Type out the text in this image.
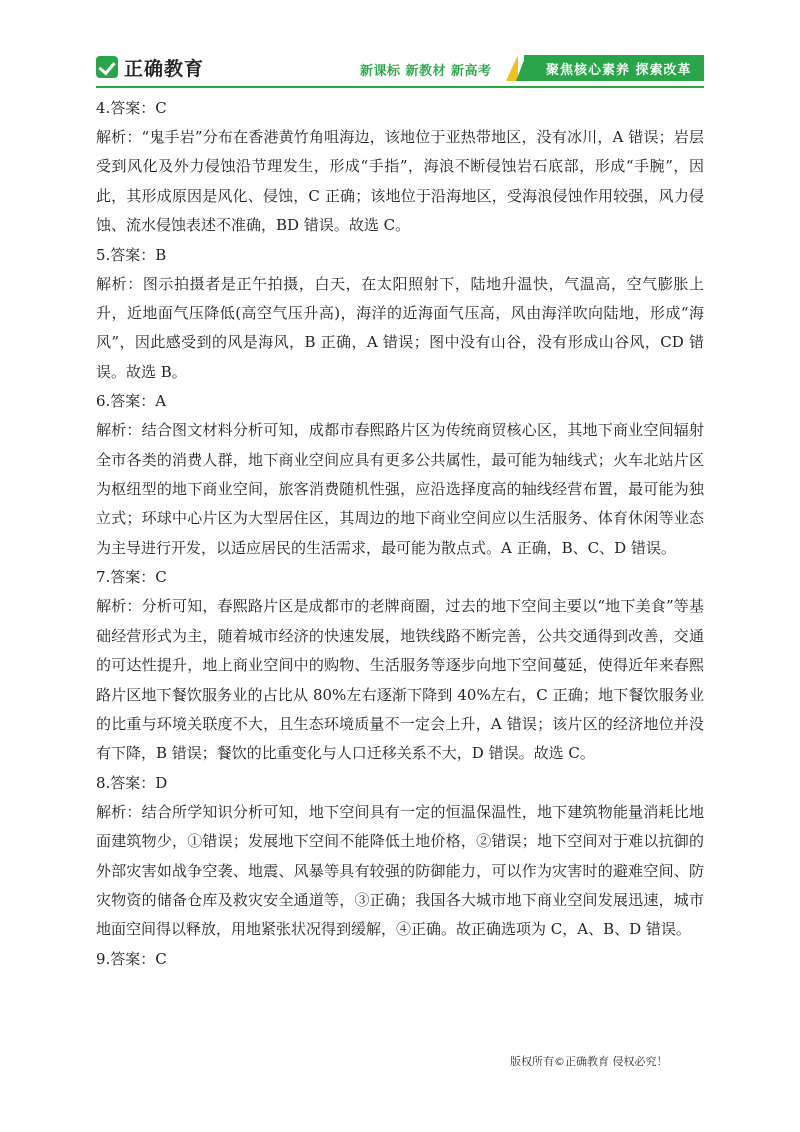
正确教育	新课标 新教材 新高考	聚焦核心素养 探索改革

4.答案：C

解析：“鬼手岩”分布在香港黄竹角咀海边，该地位于亚热带地区，没有冰川，A 错误；岩层受到风化及外力侵蚀沿节理发生，形成“手指”，海浪不断侵蚀岩石底部，形成“手腕”，因此，其形成原因是风化、侵蚀，C 正确；该地位于沿海地区，受海浪侵蚀作用较强，风力侵蚀、流水侵蚀表述不准确，BD 错误。故选 C。

5.答案：B

解析：图示拍摄者是正午拍摄，白天，在太阳照射下，陆地升温快，气温高，空气膨胀上升，近地面气压降低(高空气压升高)，海洋的近海面气压高，风由海洋吹向陆地，形成“海风”，因此感受到的风是海风，B 正确，A 错误；图中没有山谷，没有形成山谷风，CD 错误。故选 B。

6.答案：A

解析：结合图文材料分析可知，成都市春熙路片区为传统商贸核心区，其地下商业空间辐射全市各类的消费人群，地下商业空间应具有更多公共属性，最可能为轴线式；火车北站片区为枢纽型的地下商业空间，旅客消费随机性强，应沿选择度高的轴线经营布置，最可能为独立式；环球中心片区为大型居住区，其周边的地下商业空间应以生活服务、体育休闲等业态为主导进行开发，以适应居民的生活需求，最可能为散点式。A 正确，B、C、D 错误。

7.答案：C

解析：分析可知，春熙路片区是成都市的老牌商圈，过去的地下空间主要以“地下美食”等基础经营形式为主，随着城市经济的快速发展，地铁线路不断完善，公共交通得到改善，交通的可达性提升，地上商业空间中的购物、生活服务等逐步向地下空间蔓延，使得近年来春熙路片区地下餐饮服务业的占比从 80%左右逐渐下降到 40%左右，C 正确；地下餐饮服务业的比重与环境关联度不大，且生态环境质量不一定会上升，A 错误；该片区的经济地位并没有下降，B 错误；餐饮的比重变化与人口迁移关系不大，D 错误。故选 C。

8.答案：D

解析：结合所学知识分析可知，地下空间具有一定的恒温保温性，地下建筑物能量消耗比地面建筑物少，①错误；发展地下空间不能降低土地价格，②错误；地下空间对于难以抗御的外部灾害如战争空袭、地震、风暴等具有较强的防御能力，可以作为灾害时的避难空间、防灾物资的储备仓库及救灾安全通道等，③正确；我国各大城市地下商业空间发展迅速，城市地面空间得以释放，用地紧张状况得到缓解，④正确。故正确选项为 C，A、B、D 错误。

9.答案：C

版权所有©正确教育 侵权必究！
